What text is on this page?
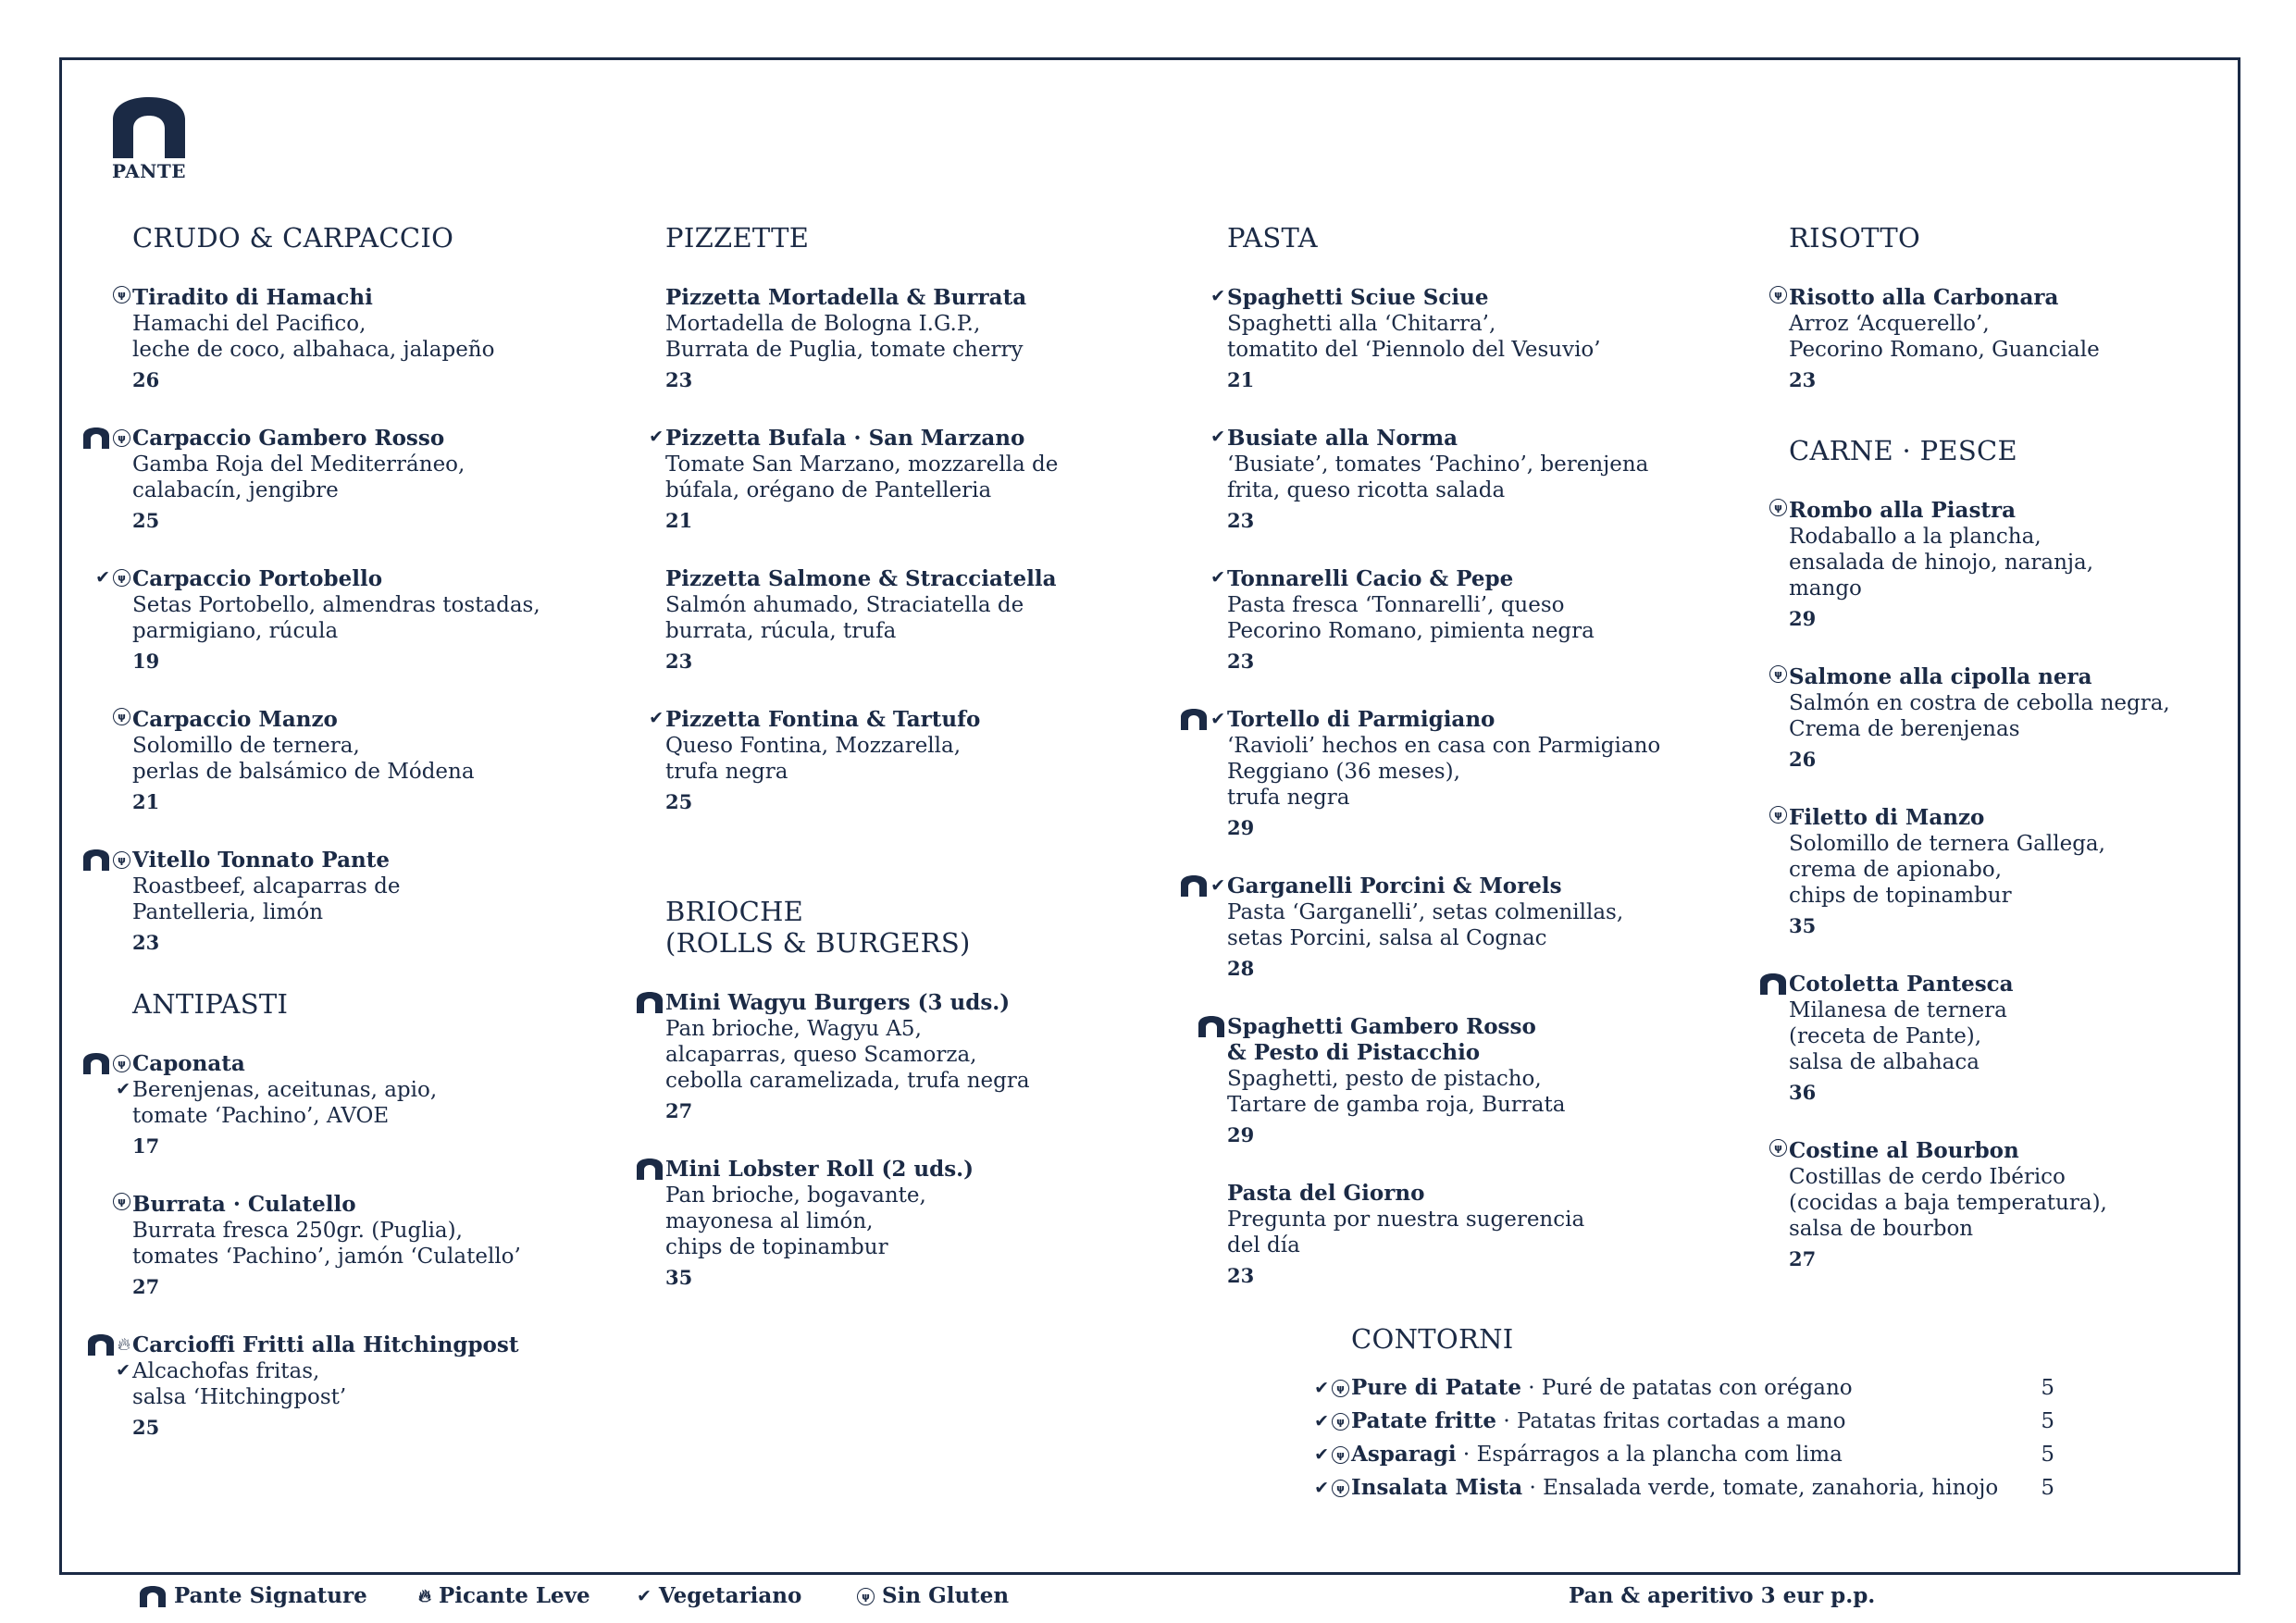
PANTE
CRUDO & CARPACCIO
ψ Tiradito di Hamachi
Hamachi del Pacifico,
leche de coco, albahaca, jalapeño
26
ψ Carpaccio Gambero Rosso
Gamba Roja del Mediterráneo,
calabacín, jengibre
25
✔ ψ Carpaccio Portobello
Setas Portobello, almendras tostadas,
parmigiano, rúcula
19
ψ Carpaccio Manzo
Solomillo de ternera,
perlas de balsámico de Módena
21
ψ Vitello Tonnato Pante
Roastbeef, alcaparras de
Pantelleria, limón
23
ANTIPASTI
ψ
✔
Caponata
Berenjenas, aceitunas, apio,
tomate ‘Pachino’, AVOE
17
ψ Burrata · Culatello
Burrata fresca 250gr. (Puglia),
tomates ‘Pachino’, jamón ‘Culatello’
27
🔥︎
✔
Carcioffi Fritti alla Hitchingpost
Alcachofas fritas,
salsa ‘Hitchingpost’
25
PIZZETTE
Pizzetta Mortadella & Burrata
Mortadella de Bologna I.G.P.,
Burrata de Puglia, tomate cherry
23
✔ Pizzetta Bufala · San Marzano
Tomate San Marzano, mozzarella de
búfala, orégano de Pantelleria
21
Pizzetta Salmone & Stracciatella
Salmón ahumado, Straciatella de
burrata, rúcula, trufa
23
✔ Pizzetta Fontina & Tartufo
Queso Fontina, Mozzarella,
trufa negra
25
BRIOCHE
(ROLLS & BURGERS)
Mini Wagyu Burgers (3 uds.)
Pan brioche, Wagyu A5,
alcaparras, queso Scamorza,
cebolla caramelizada, trufa negra
27
Mini Lobster Roll (2 uds.)
Pan brioche, bogavante,
mayonesa al limón,
chips de topinambur
35
PASTA
✔ Spaghetti Sciue Sciue
Spaghetti alla ‘Chitarra’,
tomatito del ‘Piennolo del Vesuvio’
21
✔ Busiate alla Norma
‘Busiate’, tomates ‘Pachino’, berenjena
frita, queso ricotta salada
23
✔ Tonnarelli Cacio & Pepe
Pasta fresca ‘Tonnarelli’, queso
Pecorino Romano, pimienta negra
23
✔ Tortello di Parmigiano
‘Ravioli’ hechos en casa con Parmigiano
Reggiano (36 meses),
trufa negra
29
✔ Garganelli Porcini & Morels
Pasta ‘Garganelli’, setas colmenillas,
setas Porcini, salsa al Cognac
28
Spaghetti Gambero Rosso
& Pesto di Pistacchio
Spaghetti, pesto de pistacho,
Tartare de gamba roja, Burrata
29
Pasta del Giorno
Pregunta por nuestra sugerencia
del día
23
RISOTTO
ψ Risotto alla Carbonara
Arroz ‘Acquerello’,
Pecorino Romano, Guanciale
23
CARNE · PESCE
ψ Rombo alla Piastra
Rodaballo a la plancha,
ensalada de hinojo, naranja,
mango
29
ψ Salmone alla cipolla nera
Salmón en costra de cebolla negra,
Crema de berenjenas
26
ψ Filetto di Manzo
Solomillo de ternera Gallega,
crema de apionabo,
chips de topinambur
35
Cotoletta Pantesca
Milanesa de ternera
(receta de Pante),
salsa de albahaca
36
ψ Costine al Bourbon
Costillas de cerdo Ibérico
(cocidas a baja temperatura),
salsa de bourbon
27
CONTORNI
✔ ψ Pure di Patate · Puré de patatas con orégano	5
✔ ψ Patate fritte · Patatas fritas cortadas a mano	5
✔ ψ Asparagi · Espárragos a la plancha com lima	5
✔ ψ Insalata Mista · Ensalada verde, tomate, zanahoria, hinojo	5
Pante Signature	🔥︎ Picante Leve	✔ Vegetariano	ψ Sin Gluten	Pan & aperitivo 3 eur p.p.
